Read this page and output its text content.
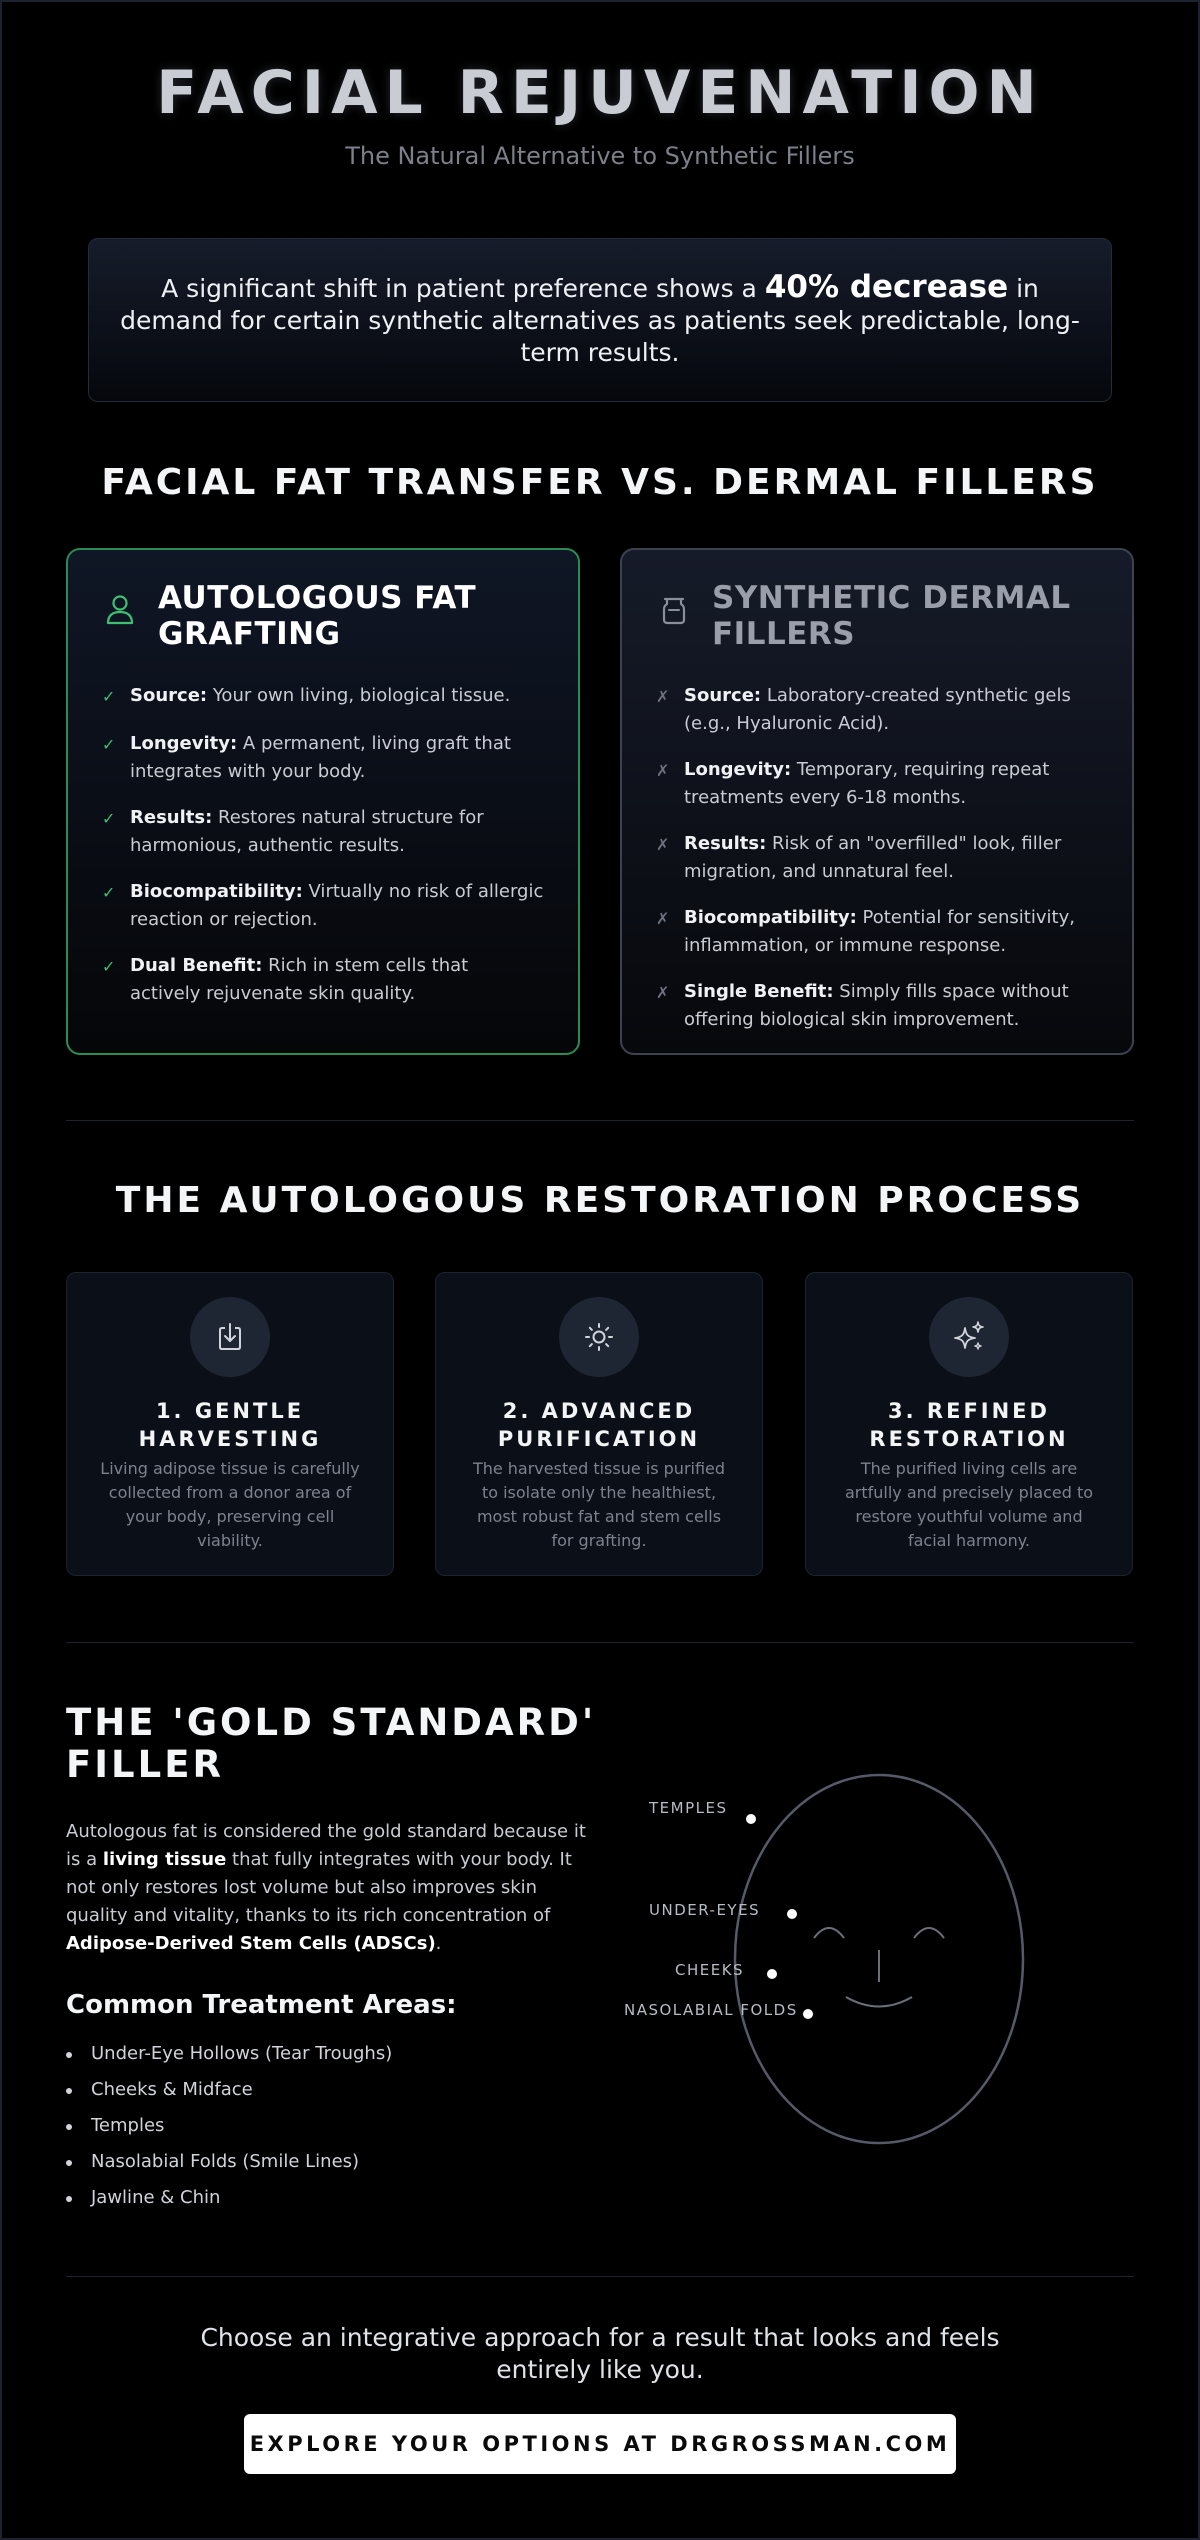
FACIAL REJUVENATION
The Natural Alternative to Synthetic Fillers

A significant shift in patient preference shows a 40% decrease in demand for certain synthetic alternatives as patients seek predictable, long-term results.

FACIAL FAT TRANSFER VS. DERMAL FILLERS
AUTOLOGOUS FAT GRAFTING
✓ Source: Your own living, biological tissue.
✓ Longevity: A permanent, living graft that integrates with your body.
✓ Results: Restores natural structure for harmonious, authentic results.
✓ Biocompatibility: Virtually no risk of allergic reaction or rejection.
✓ Dual Benefit: Rich in stem cells that actively rejuvenate skin quality.
SYNTHETIC DERMAL FILLERS
✗ Source: Laboratory-created synthetic gels (e.g., Hyaluronic Acid).
✗ Longevity: Temporary, requiring repeat treatments every 6-18 months.
✗ Results: Risk of an "overfilled" look, filler migration, and unnatural feel.
✗ Biocompatibility: Potential for sensitivity, inflammation, or immune response.
✗ Single Benefit: Simply fills space without offering biological skin improvement.
THE AUTOLOGOUS RESTORATION PROCESS
1. GENTLE HARVESTING

Living adipose tissue is carefully collected from a donor area of your body, preserving cell viability.

2. ADVANCED PURIFICATION

The harvested tissue is purified to isolate only the healthiest, most robust fat and stem cells for grafting.

3. REFINED RESTORATION

The purified living cells are artfully and precisely placed to restore youthful volume and facial harmony.

THE 'GOLD STANDARD' FILLER

Autologous fat is considered the gold standard because it is a living tissue that fully integrates with your body. It not only restores lost volume but also improves skin quality and vitality, thanks to its rich concentration of Adipose-Derived Stem Cells (ADSCs).

Common Treatment Areas:
Under-Eye Hollows (Tear Troughs)
Cheeks & Midface
Temples
Nasolabial Folds (Smile Lines)
Jawline & Chin
TEMPLES
UNDER-EYES
CHEEKS
NASOLABIAL FOLDS

Choose an integrative approach for a result that looks and feels entirely like you.

EXPLORE YOUR OPTIONS AT DRGROSSMAN.COM
